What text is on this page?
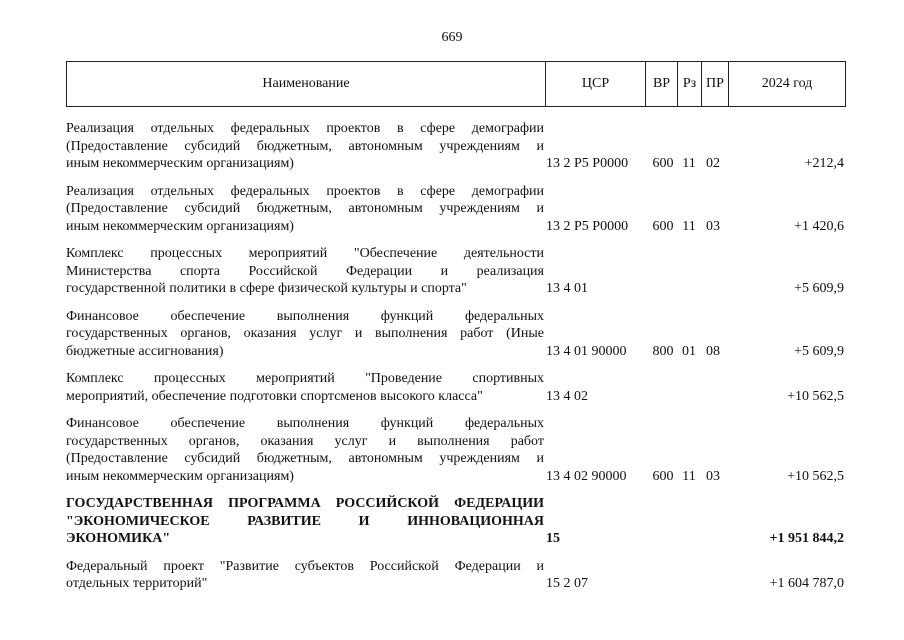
669
Наименование	ЦСР	ВР Рз ПР	2024 год
Реализация отдельных федеральных проектов в сфере демографии
(Предоставление субсидий бюджетным, автономным учреждениям и
иным некоммерческим организациям)	13 2 P5 P0000	600 11 02	+212,4
Реализация отдельных федеральных проектов в сфере демографии
(Предоставление субсидий бюджетным, автономным учреждениям и
иным некоммерческим организациям)	13 2 P5 P0000	600 11 03	+1 420,6
Комплекс процессных мероприятий "Обеспечение деятельности
Министерства спорта Российской Федерации и реализация
государственной политики в сфере физической культуры и спорта"	13 4 01	+5 609,9
Финансовое обеспечение выполнения функций федеральных
государственных органов, оказания услуг и выполнения работ (Иные
бюджетные ассигнования)	13 4 01 90000	800 01 08	+5 609,9
Комплекс процессных мероприятий "Проведение спортивных
мероприятий, обеспечение подготовки спортсменов высокого класса"	13 4 02	+10 562,5
Финансовое обеспечение выполнения функций федеральных
государственных органов, оказания услуг и выполнения работ
(Предоставление субсидий бюджетным, автономным учреждениям и
иным некоммерческим организациям)	13 4 02 90000	600 11 03	+10 562,5
ГОСУДАРСТВЕННАЯ ПРОГРАММА РОССИЙСКОЙ ФЕДЕРАЦИИ
"ЭКОНОМИЧЕСКОЕ РАЗВИТИЕ И ИННОВАЦИОННАЯ
ЭКОНОМИКА"	15	+1 951 844,2
Федеральный проект "Развитие субъектов Российской Федерации и
отдельных территорий"	15 2 07	+1 604 787,0
